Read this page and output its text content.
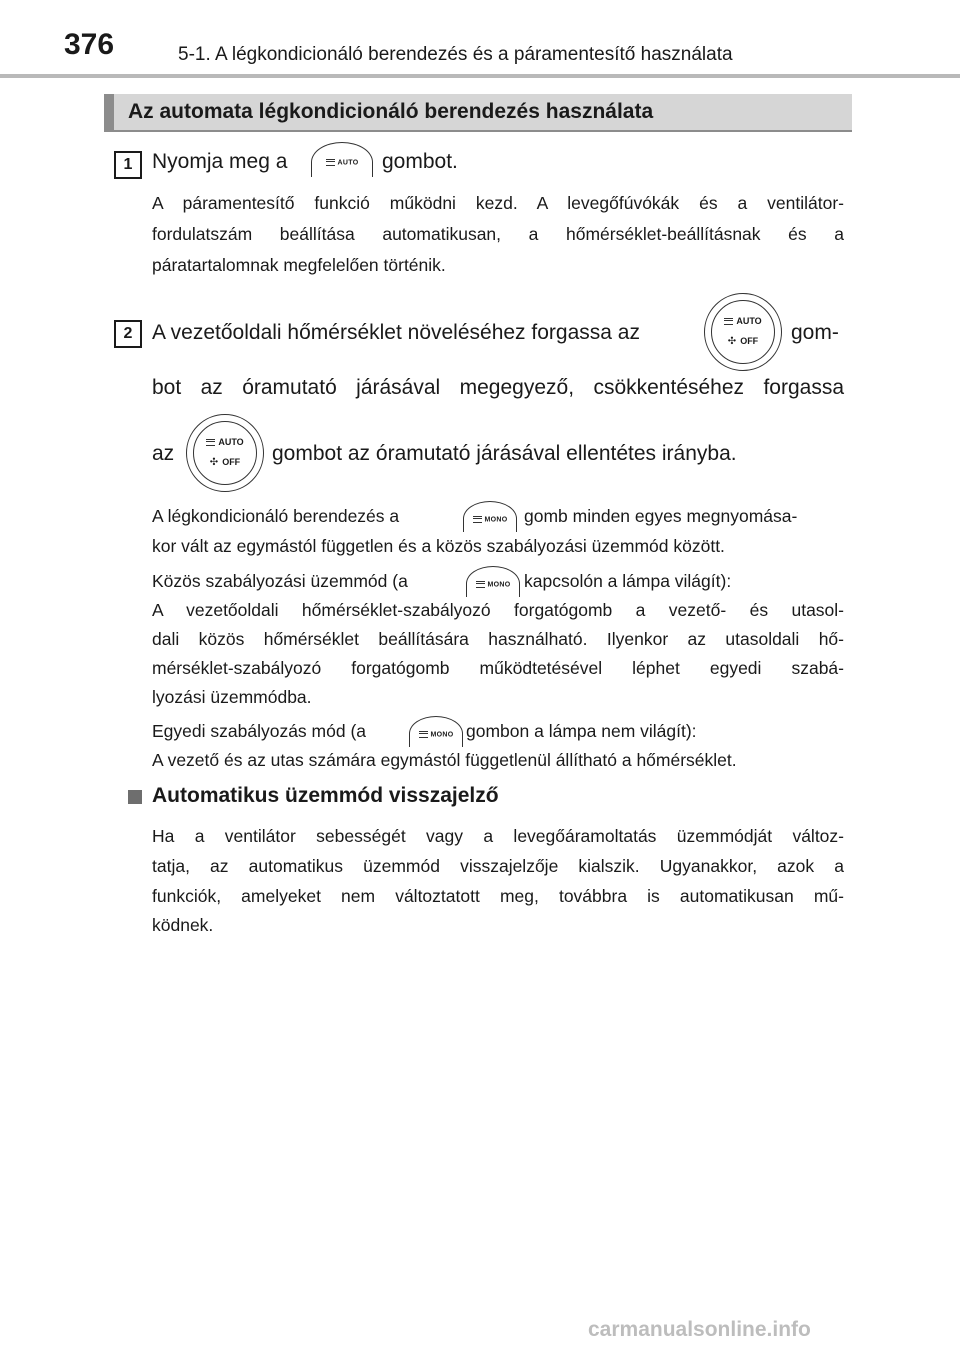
376	5-1. A légkondicionáló berendezés és a páramentesítő használata
Az automata légkondicionáló berendezés használata
1 Nyomja meg a	AUTO	gombot.
A páramentesítő funkció működni kezd. A levegőfúvókák és a ventilátor-
fordulatszám beállítása automatikusan, a hőmérséklet-beállításnak és a
páratartalomnak megfelelően történik.
2 A vezetőoldali hőmérséklet növeléséhez forgassa az	AUTO
✣ OFF	gom-
bot az óramutató járásával megegyező, csökkentéséhez forgassa
az	AUTO
✣ OFF	gombot az óramutató járásával ellentétes irányba.
A légkondicionáló berendezés a	MONO gomb minden egyes megnyomása-
kor vált az egymástól független és a közös szabályozási üzemmód között.
Közös szabályozási üzemmód (a	MONO kapcsolón a lámpa világít):
A vezetőoldali hőmérséklet-szabályozó forgatógomb a vezető- és utasol-
dali közös hőmérséklet beállítására használható. Ilyenkor az utasoldali hő-
mérséklet-szabályozó forgatógomb működtetésével léphet egyedi szabá-
lyozási üzemmódba.
Egyedi szabályozás mód (a	MONO gombon a lámpa nem világít):
A vezető és az utas számára egymástól függetlenül állítható a hőmérséklet.
Automatikus üzemmód visszajelző
Ha a ventilátor sebességét vagy a levegőáramoltatás üzemmódját változ-
tatja, az automatikus üzemmód visszajelzője kialszik. Ugyanakkor, azok a
funkciók, amelyeket nem változtatott meg, továbbra is automatikusan mű-
ködnek.
carmanualsonline.info
